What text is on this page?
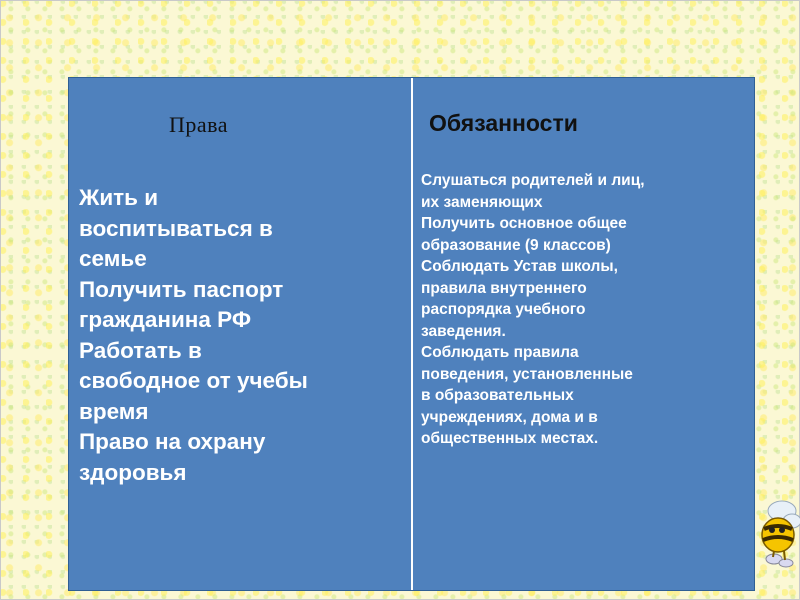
Права
Жить и
воспитываться в
семье
Получить паспорт
гражданина РФ
Работать в
свободное от учебы
время
Право на охрану
здоровья
Обязанности
Слушаться родителей и лиц,
их заменяющих
Получить основное общее
образование (9 классов)
Соблюдать Устав школы,
правила внутреннего
распорядка учебного
заведения.
Соблюдать правила
поведения, установленные
в образовательных
учреждениях, дома и в
общественных местах.
